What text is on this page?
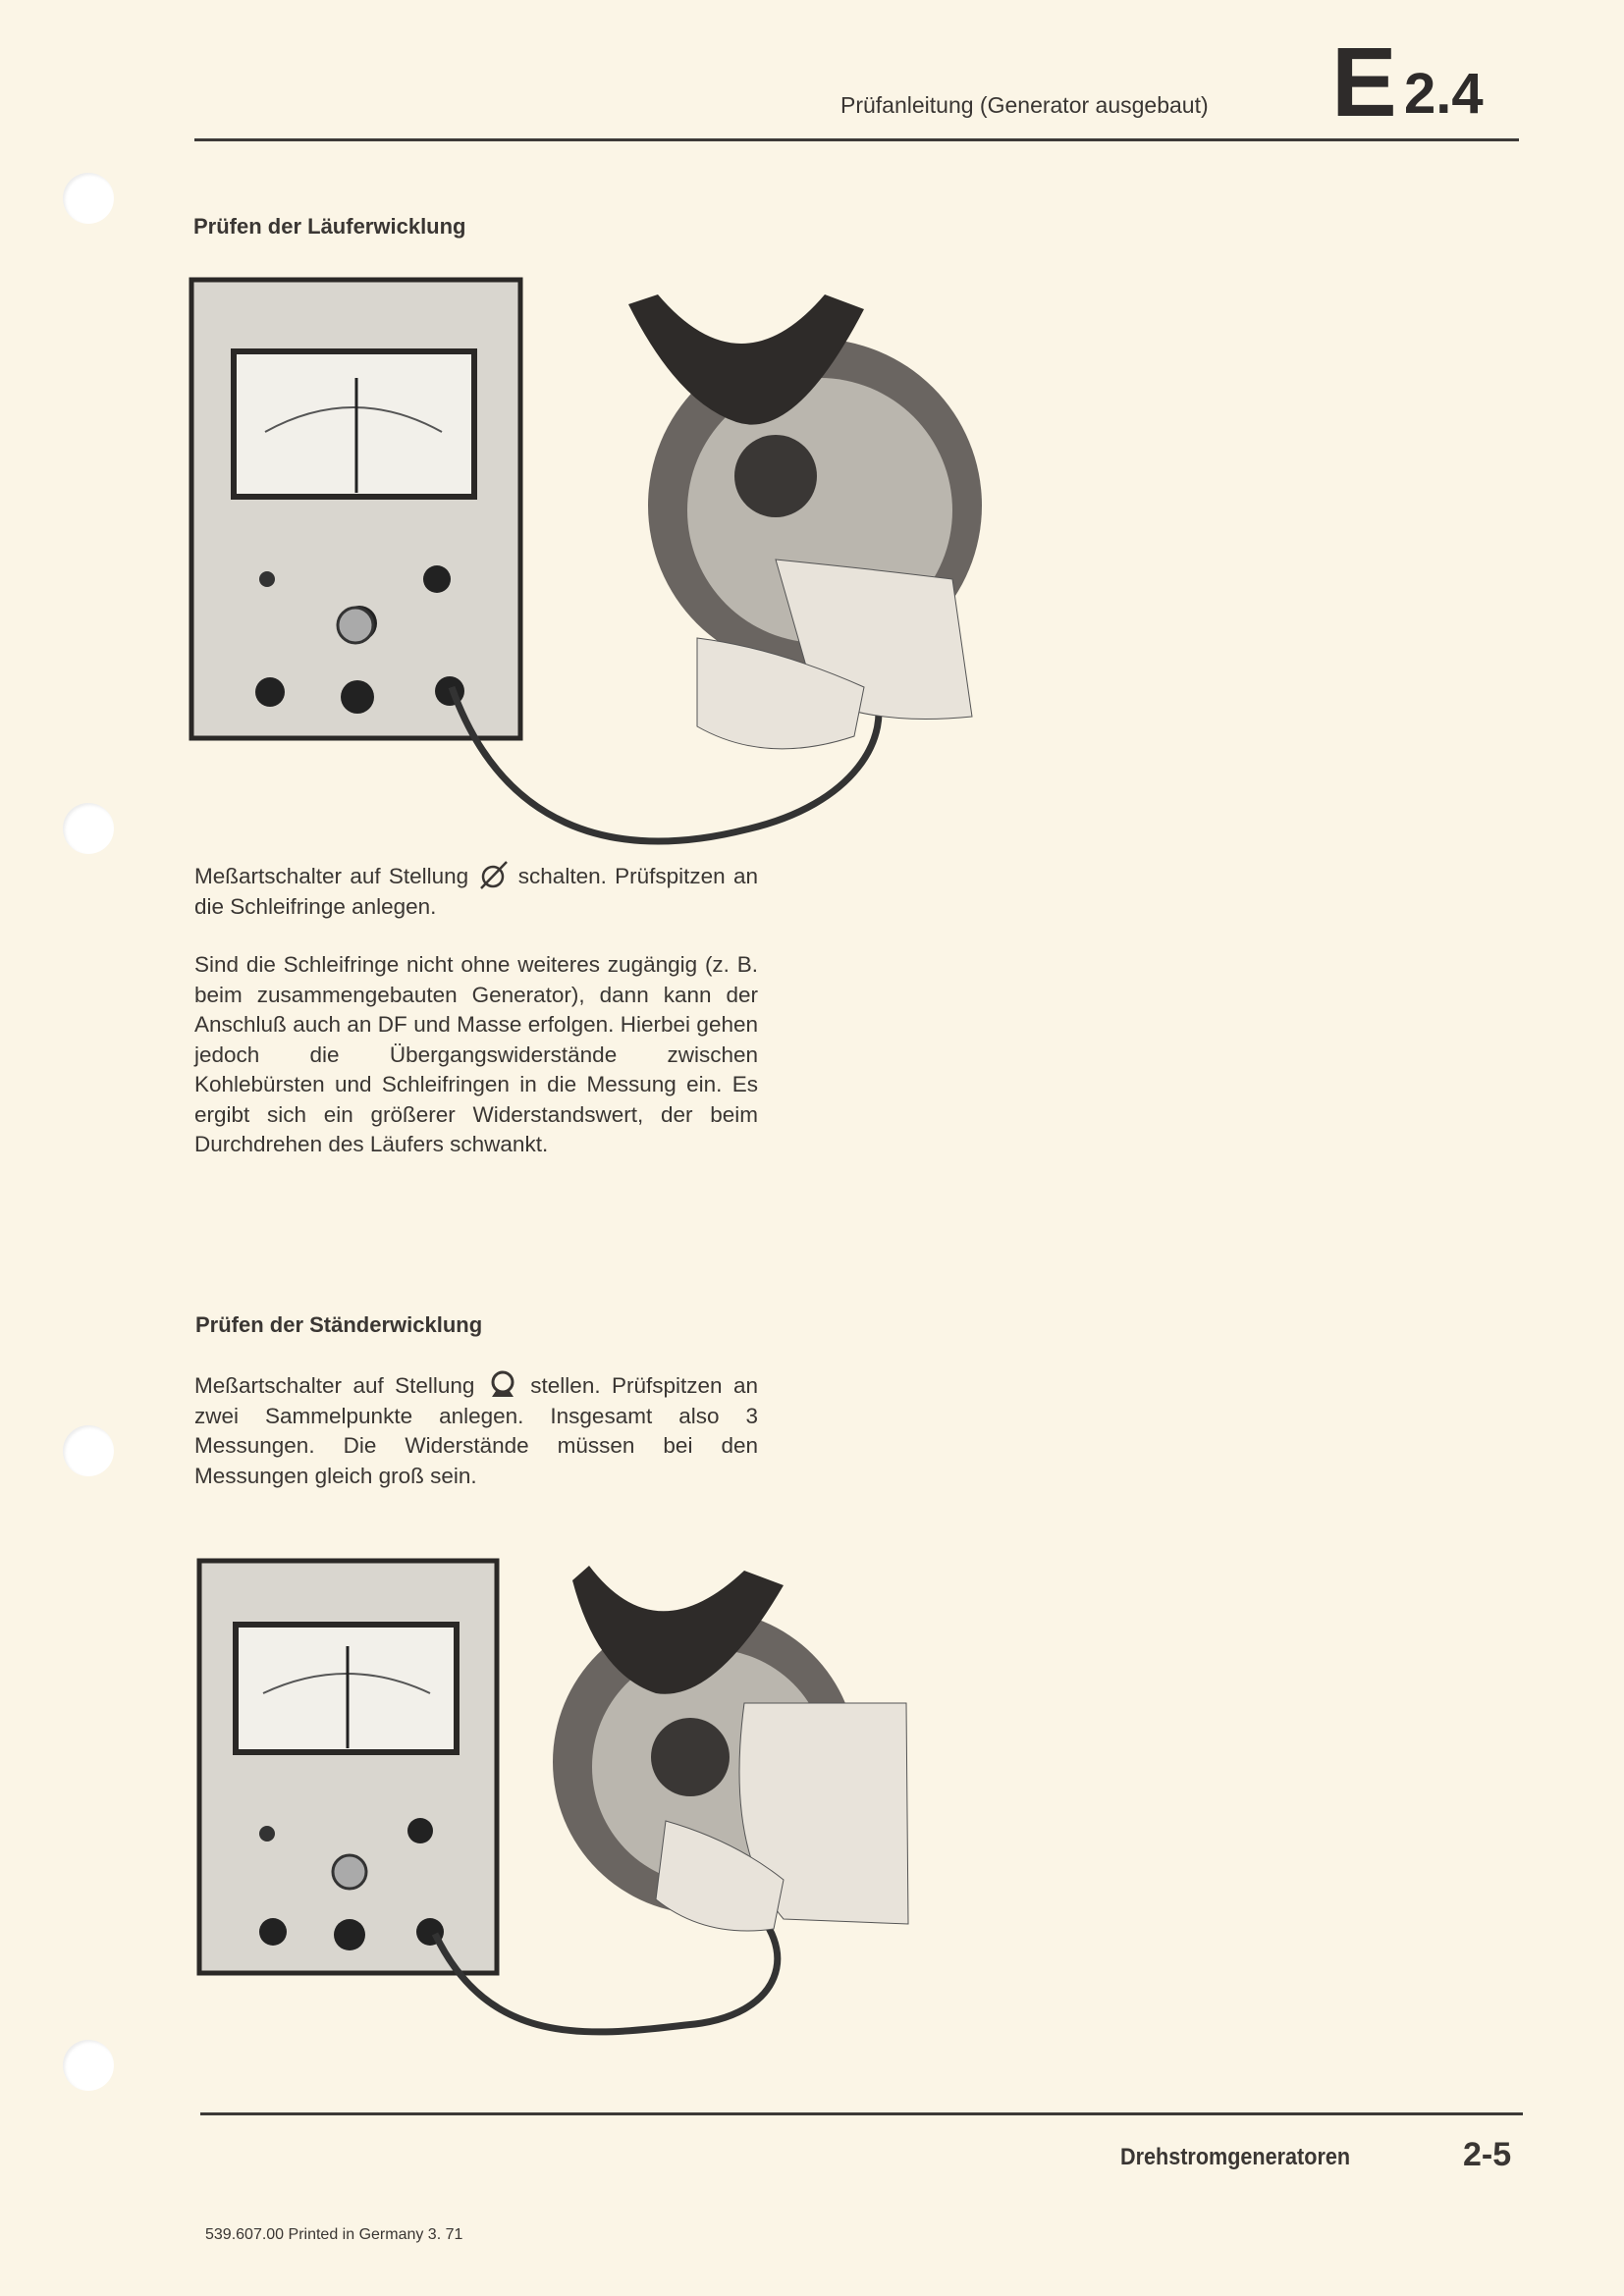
Prüfanleitung (Generator ausgebaut) E 2.4
Prüfen der Läuferwicklung
Meßartschalter auf Stellung schalten. Prüfspitzen an die Schleifringe anlegen.
Sind die Schleifringe nicht ohne weiteres zugängig (z. B. beim zusammengebauten Generator), dann kann der Anschluß auch an DF und Masse erfolgen. Hierbei gehen jedoch die Übergangswiderstände zwischen Kohlebürsten und Schleifringen in die Messung ein. Es ergibt sich ein größerer Widerstandswert, der beim Durchdrehen des Läufers schwankt.
Prüfen der Ständerwicklung
Meßartschalter auf Stellung	stellen. Prüfspitzen an zwei Sammelpunkte anlegen. Insgesamt also 3 Messungen. Die Widerstände müssen bei den Messungen gleich groß sein.
Drehstromgeneratoren	2-5
539.607.00 Printed in Germany 3. 71
